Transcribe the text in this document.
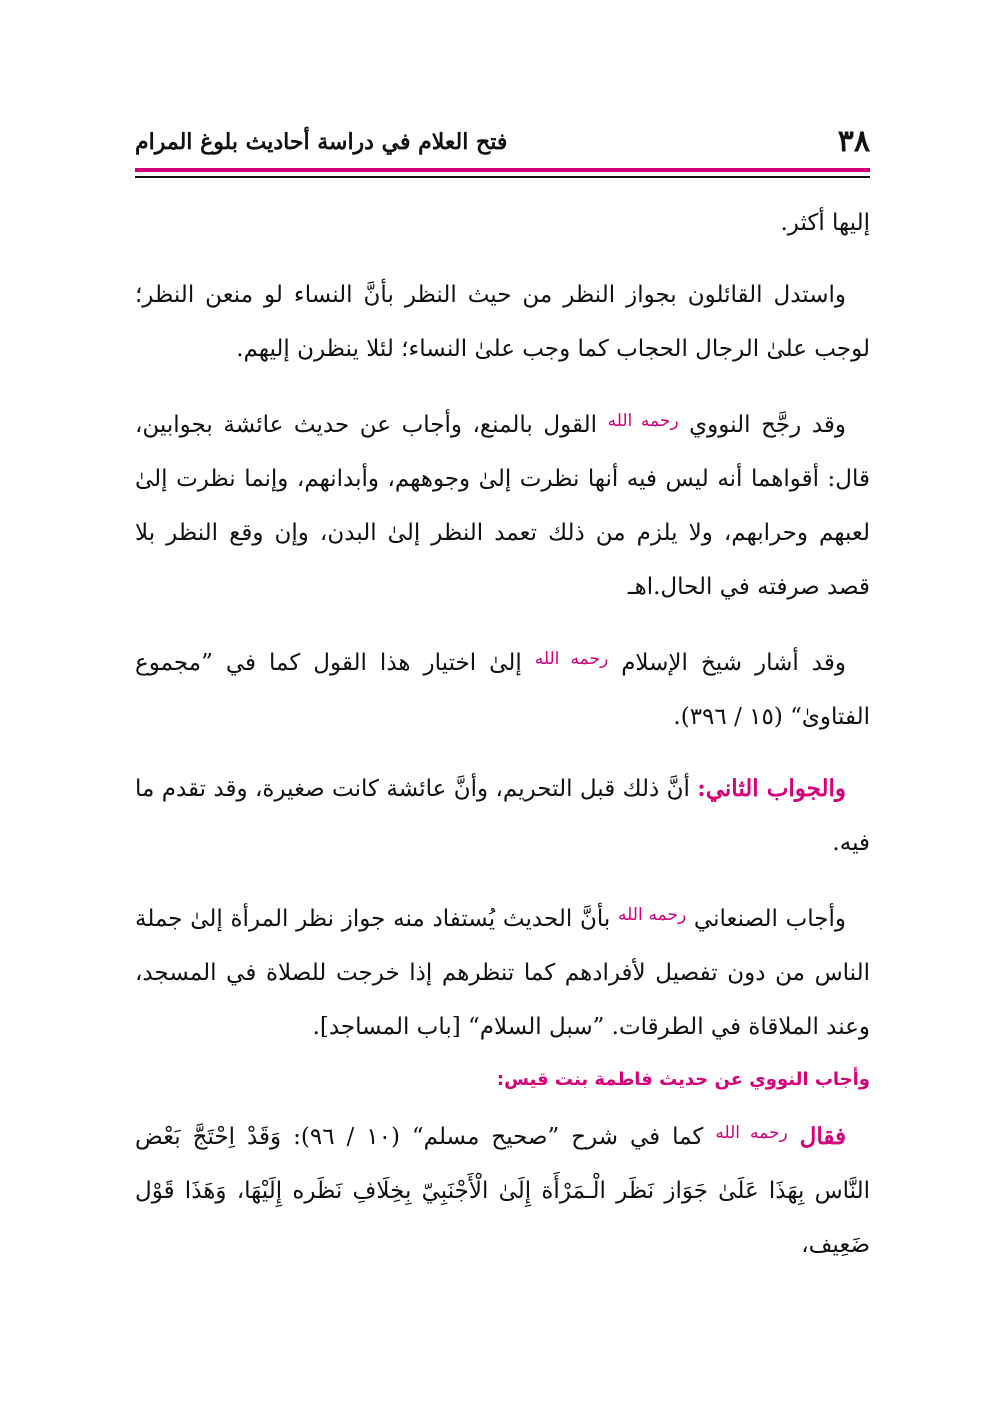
٣٨
فتح العلام في دراسة أحاديث بلوغ المرام

إليها أكثر.

واستدل القائلون بجواز النظر من حيث النظر بأنَّ النساء لو منعن النظر؛ لوجب علىٰ الرجال الحجاب كما وجب علىٰ النساء؛ لئلا ينظرن إليهم.

وقد رجَّح النووي $^{رحمه الله}$ القول بالمنع، وأجاب عن حديث عائشة بجوابين، قال: أقواهما أنه ليس فيه أنها نظرت إلىٰ وجوههم، وأبدانهم، وإنما نظرت إلىٰ لعبهم وحرابهم، ولا يلزم من ذلك تعمد النظر إلىٰ البدن، وإن وقع النظر بلا قصد صرفته في الحال.اهـ

وقد أشار شيخ الإسلام $^{رحمه الله}$ إلىٰ اختيار هذا القول كما في ”مجموع الفتاوىٰ“ (١٥ / ٣٩٦).

والجواب الثاني: أنَّ ذلك قبل التحريم، وأنَّ عائشة كانت صغيرة، وقد تقدم ما فيه.

وأجاب الصنعاني $^{رحمه الله}$ بأنَّ الحديث يُستفاد منه جواز نظر المرأة إلىٰ جملة الناس من دون تفصيل لأفرادهم كما تنظرهم إذا خرجت للصلاة في المسجد، وعند الملاقاة في الطرقات. ”سبل السلام“ [باب المساجد].

وأجاب النووي عن حديث فاطمة بنت قيس:

فقال $^{رحمه الله}$ كما في شرح ”صحيح مسلم“ (١٠ / ٩٦): وَقَدْ اِحْتَجَّ بَعْض النَّاس بِهَذَا عَلَىٰ جَوَاز نَظَر الْـمَرْأَة إِلَىٰ الْأَجْنَبِيّ بِخِلَافِ نَظَره إِلَيْهَا، وَهَذَا قَوْل ضَعِيف،
